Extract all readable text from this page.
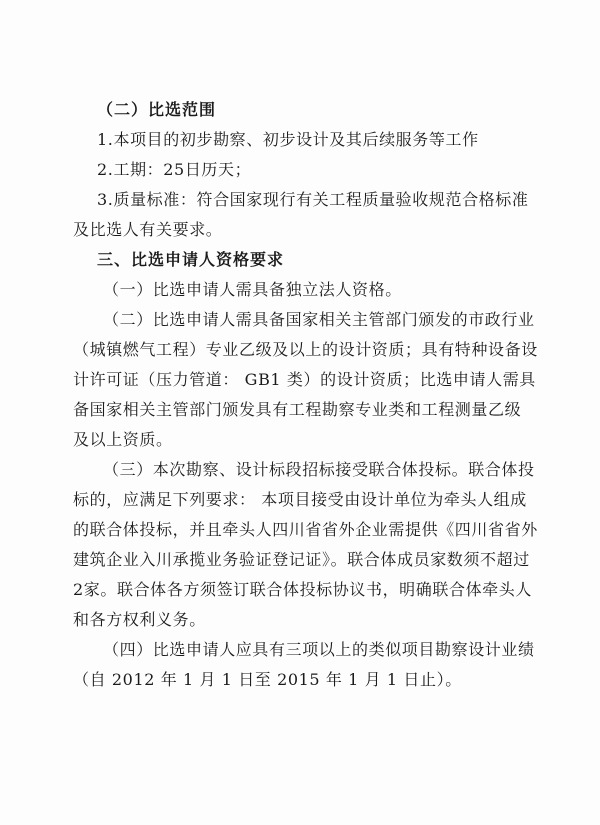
（二）比选范围

1.本项目的初步勘察、初步设计及其后续服务等工作

2.工期：25日历天；

3.质量标准：符合国家现行有关工程质量验收规范合格标准

及比选人有关要求。

三、比选申请人资格要求

（一）比选申请人需具备独立法人资格。

（二）比选申请人需具备国家相关主管部门颁发的市政行业

（城镇燃气工程）专业乙级及以上的设计资质；具有特种设备设

计许可证（压力管道： GB1 类）的设计资质；比选申请人需具

备国家相关主管部门颁发具有工程勘察专业类和工程测量乙级

及以上资质。

（三）本次勘察、设计标段招标接受联合体投标。联合体投

标的，应满足下列要求： 本项目接受由设计单位为牵头人组成

的联合体投标，并且牵头人四川省省外企业需提供《四川省省外

建筑企业入川承揽业务验证登记证》。联合体成员家数须不超过

2家。联合体各方须签订联合体投标协议书，明确联合体牵头人

和各方权利义务。

（四）比选申请人应具有三项以上的类似项目勘察设计业绩

（自 2012 年 1 月 1 日至 2015 年 1 月 1 日止）。
